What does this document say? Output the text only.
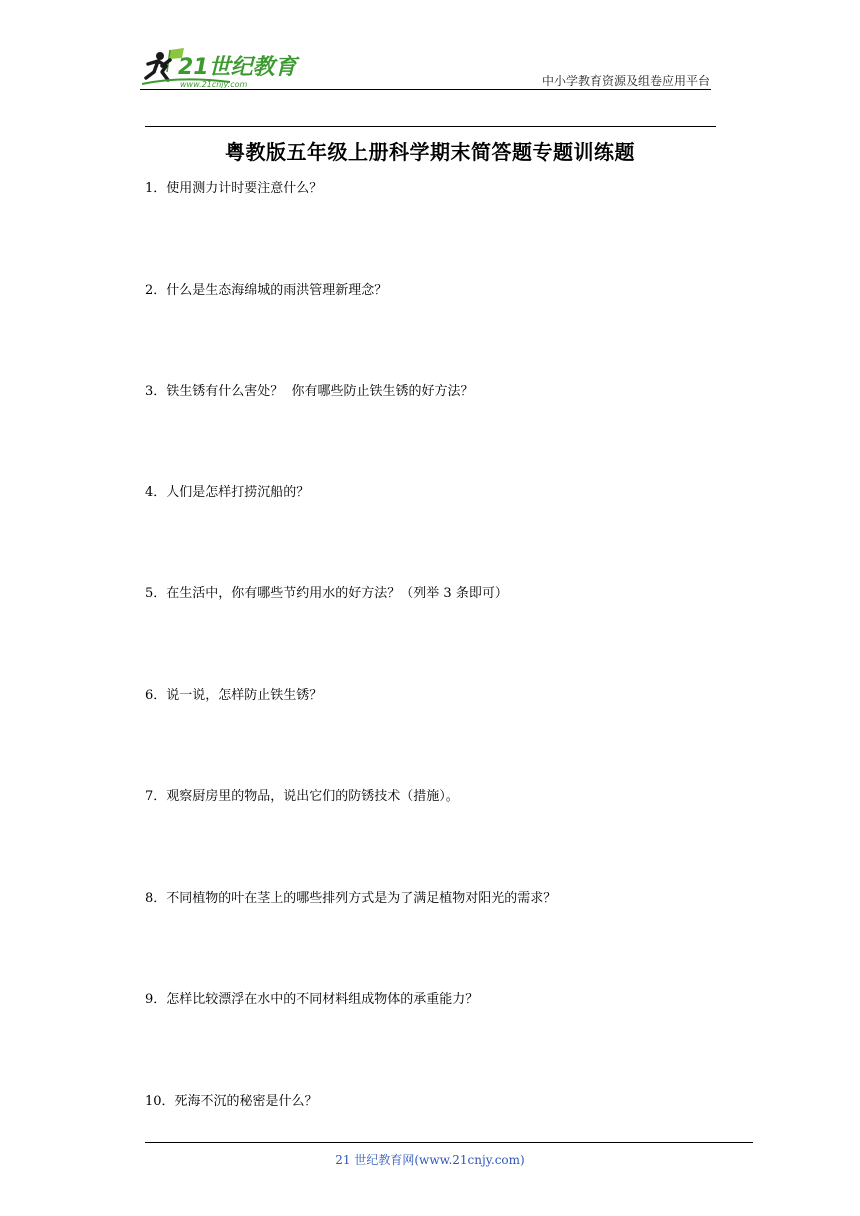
21世纪教育
www.21cnjy.com	中小学教育资源及组卷应用平台
粤教版五年级上册科学期末简答题专题训练题
1．使用测力计时要注意什么？
2．什么是生态海绵城的雨洪管理新理念？
3．铁生锈有什么害处？  你有哪些防止铁生锈的好方法？
4．人们是怎样打捞沉船的？
5．在生活中，你有哪些节约用水的好方法？（列举 3 条即可）
6．说一说，怎样防止铁生锈？
7．观察厨房里的物品，说出它们的防锈技术（措施）。
8．不同植物的叶在茎上的哪些排列方式是为了满足植物对阳光的需求？
9．怎样比较漂浮在水中的不同材料组成物体的承重能力？
10．死海不沉的秘密是什么？
21 世纪教育网(www.21cnjy.com)
